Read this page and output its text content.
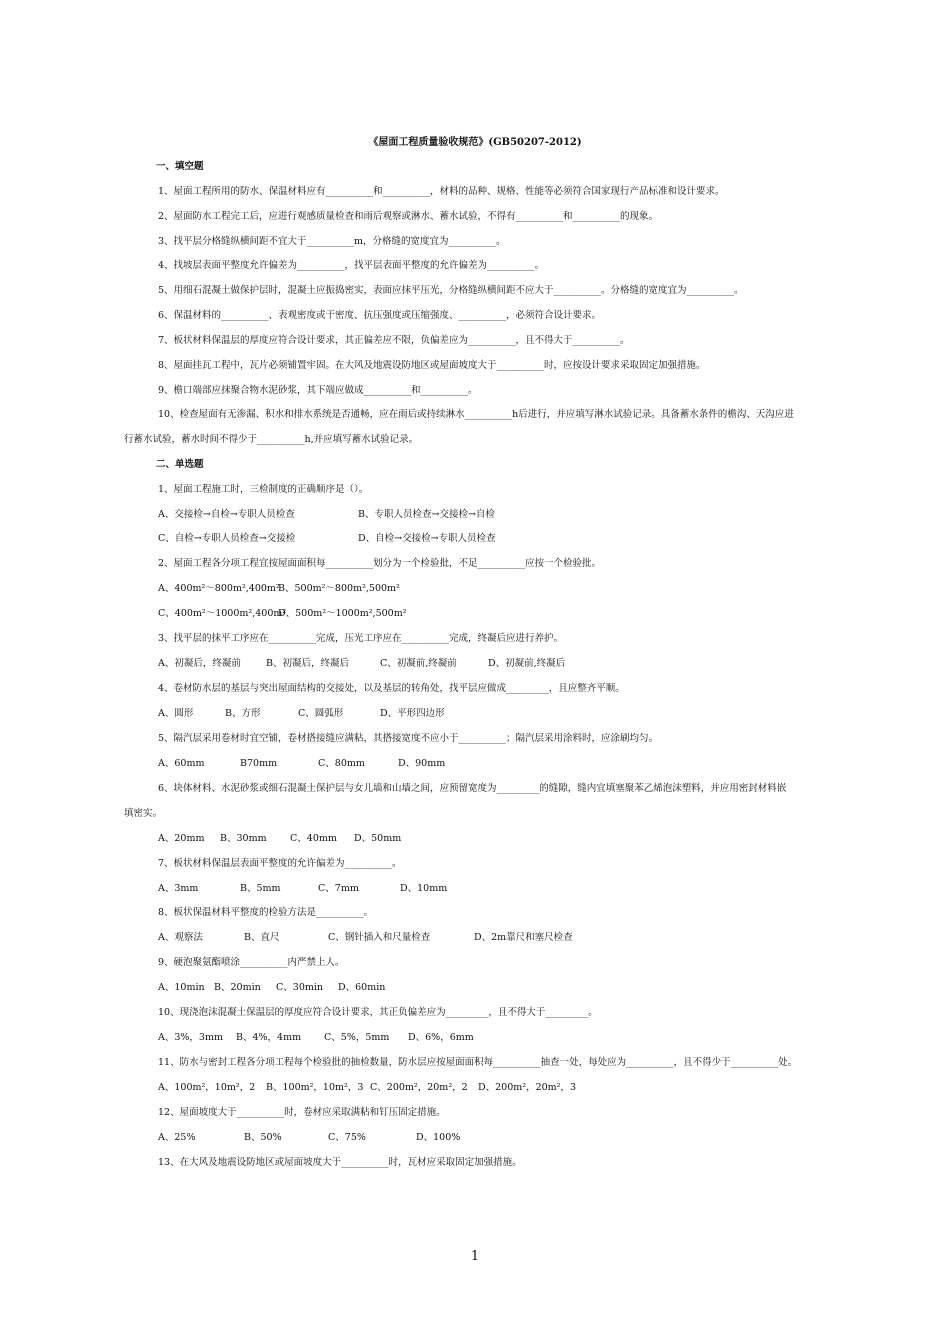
《屋面工程质量验收规范》(GB50207-2012)
一、填空题
1、屋面工程所用的防水、保温材料应有__________和__________，材料的品种、规格、性能等必须符合国家现行产品标准和设计要求。
2、屋面防水工程完工后，应进行观感质量检查和雨后观察或淋水、蓄水试验，不得有__________和__________的现象。
3、找平层分格缝纵横间距不宜大于__________m，分格缝的宽度宜为__________。
4、找坡层表面平整度允许偏差为__________，找平层表面平整度的允许偏差为__________。
5、用细石混凝土做保护层时，混凝土应振捣密实，表面应抹平压光，分格缝纵横间距不应大于__________。分格缝的宽度宜为__________。
6、保温材料的__________、表观密度或干密度、抗压强度或压缩强度、__________，必须符合设计要求。
7、板状材料保温层的厚度应符合设计要求，其正偏差应不限，负偏差应为__________，且不得大于__________。
8、屋面挂瓦工程中，瓦片必须铺置牢固。在大风及地震设防地区或屋面坡度大于__________时，应按设计要求采取固定加强措施。
9、檐口端部应抹聚合物水泥砂浆，其下端应做成__________和__________。
10、检查屋面有无渗漏、积水和排水系统是否通畅，应在雨后或持续淋水__________h后进行，并应填写淋水试验记录。具备蓄水条件的檐沟、天沟应进
行蓄水试验，蓄水时间不得少于__________h,并应填写蓄水试验记录。
二、单选题
1、屋面工程施工时，三检制度的正确顺序是（）。
A、交接检→自检→专职人员检查	B、专职人员检查→交接检→自检
C、自检→专职人员检查→交接检	D、自检→交接检→专职人员检查
2、屋面工程各分项工程宜按屋面面积每__________划分为一个检验批，不足__________应按一个检验批。
A、400m²～800m²,400m²
B、500m²～800m²,500m²
C、400m²～1000m²,400m²
D、500m²～1000m²,500m²
3、找平层的抹平工序应在__________完成，压光工序应在__________完成，终凝后应进行养护。
A、初凝后，终凝前	B、初凝后，终凝后	C、初凝前,终凝前	D、初凝前,终凝后
4、卷材防水层的基层与突出屋面结构的交接处，以及基层的转角处，找平层应做成_________，且应整齐平顺。
A、圆形	B、方形	C、圆弧形	D、平形四边形
5、隔汽层采用卷材时宜空铺，卷材搭接缝应满粘，其搭接宽度不应小于__________；隔汽层采用涂料时，应涂刷均匀。
A、60mm	B70mm	C、80mm	D、90mm
6、块体材料、水泥砂浆或细石混凝土保护层与女儿墙和山墙之间，应预留宽度为_________的缝隙，缝内宜填塞聚苯乙烯泡沫塑料，并应用密封材料嵌
填密实。
A、20mm B、30mm C、40mm D、50mm
7、板状材料保温层表面平整度的允许偏差为__________。
A、3mm	B、5mm	C、7mm	D、10mm
8、板状保温材料平整度的检验方法是__________。
A、观察法	B、直尺	C、钢针插入和尺量检查	D、2m靠尺和塞尺检查
9、硬泡聚氨酯喷涂__________内严禁上人。
A、10min B、20min C、30min D、60min
10、现浇泡沫混凝土保温层的厚度应符合设计要求，其正负偏差应为_________，且不得大于_________。
A、3%，3mm B、4%，4mm C、5%，5mm D、6%，6mm
11、防水与密封工程各分项工程每个检验批的抽检数量，防水层应按屋面面积每__________抽查一处，每处应为__________，且不得少于__________处。
A、100m²，10m²，2 B、100m²，10m²，3 C、200m²，20m²，2 D、200m²，20m²，3
12、屋面坡度大于__________时，卷材应采取满粘和钉压固定措施。
A、25%	B、50%	C、75%	D、100%
13、在大风及地震设防地区或屋面坡度大于__________时，瓦材应采取固定加强措施。
1
